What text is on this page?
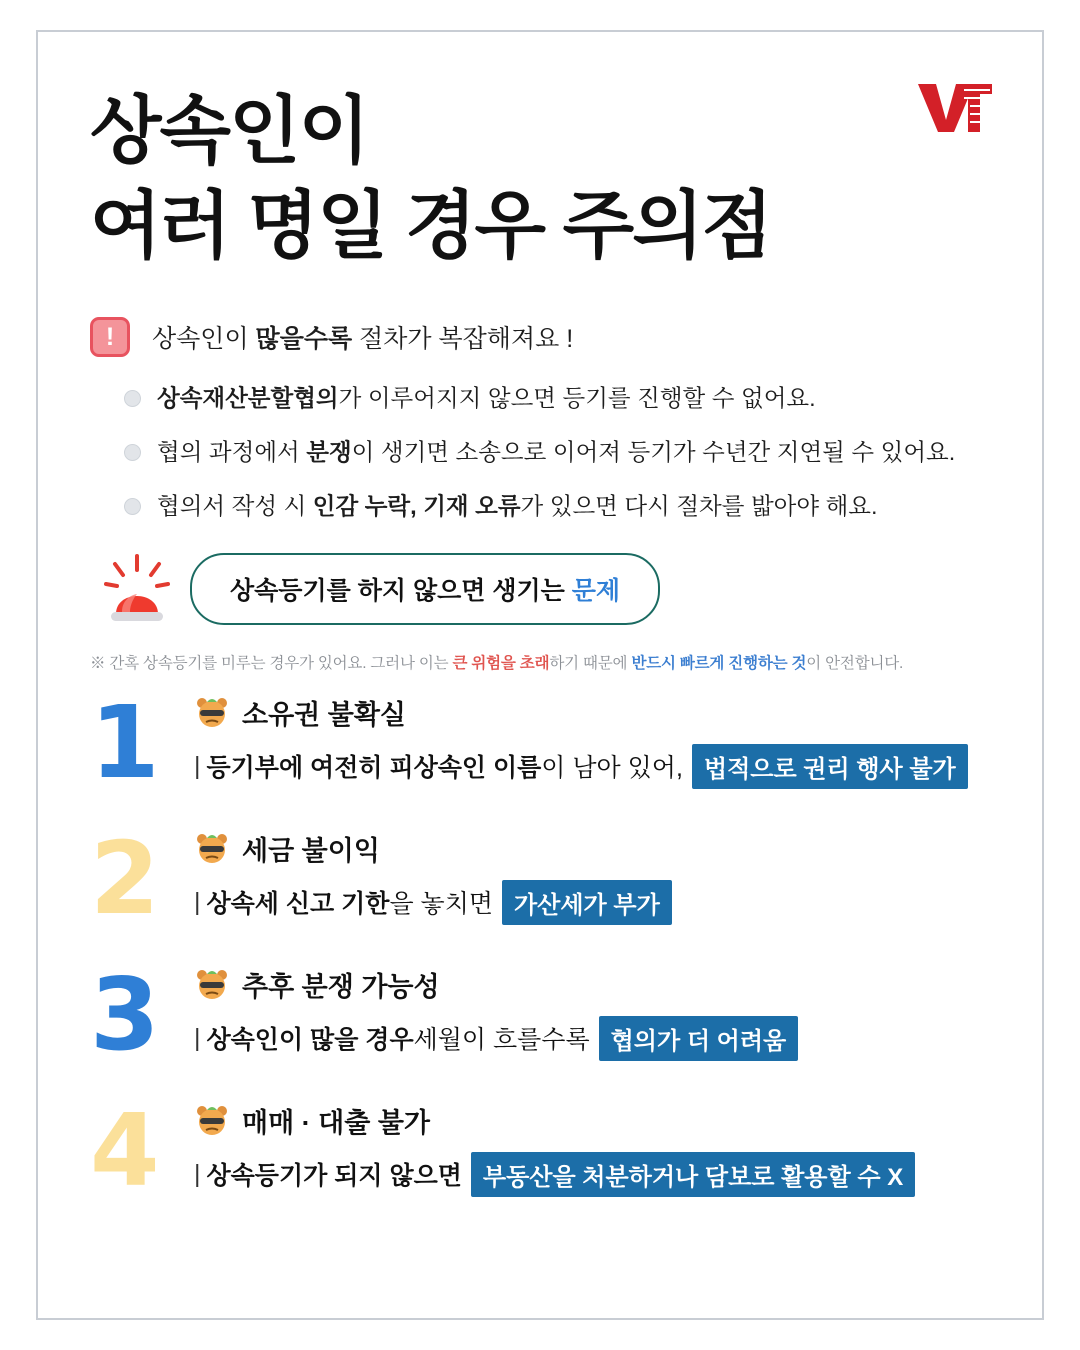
상속인이
여러 명일 경우 주의점
! 상속인이 많을수록 절차가 복잡해져요 !
상속재산분할협의가 이루어지지 않으면 등기를 진행할 수 없어요.
협의 과정에서 분쟁이 생기면 소송으로 이어져 등기가 수년간 지연될 수 있어요.
협의서 작성 시 인감 누락, 기재 오류가 있으면 다시 절차를 밟아야 해요.
상속등기를 하지 않으면 생기는 문제
※ 간혹 상속등기를 미루는 경우가 있어요. 그러나 이는 큰 위험을 초래하기 때문에 반드시 빠르게 진행하는 것이 안전합니다.
1	소유권 불확실
| 등기부에 여전히 피상속인 이름 이 남아 있어, 법적으로 권리 행사 불가
2	세금 불이익
| 상속세 신고 기한 을 놓치면 가산세가 부가
3	추후 분쟁 가능성
| 상속인이 많을 경우 세월이 흐를수록 협의가 더 어려움
4	매매 · 대출 불가
| 상속등기가 되지 않으면 부동산을 처분하거나 담보로 활용할 수 X
